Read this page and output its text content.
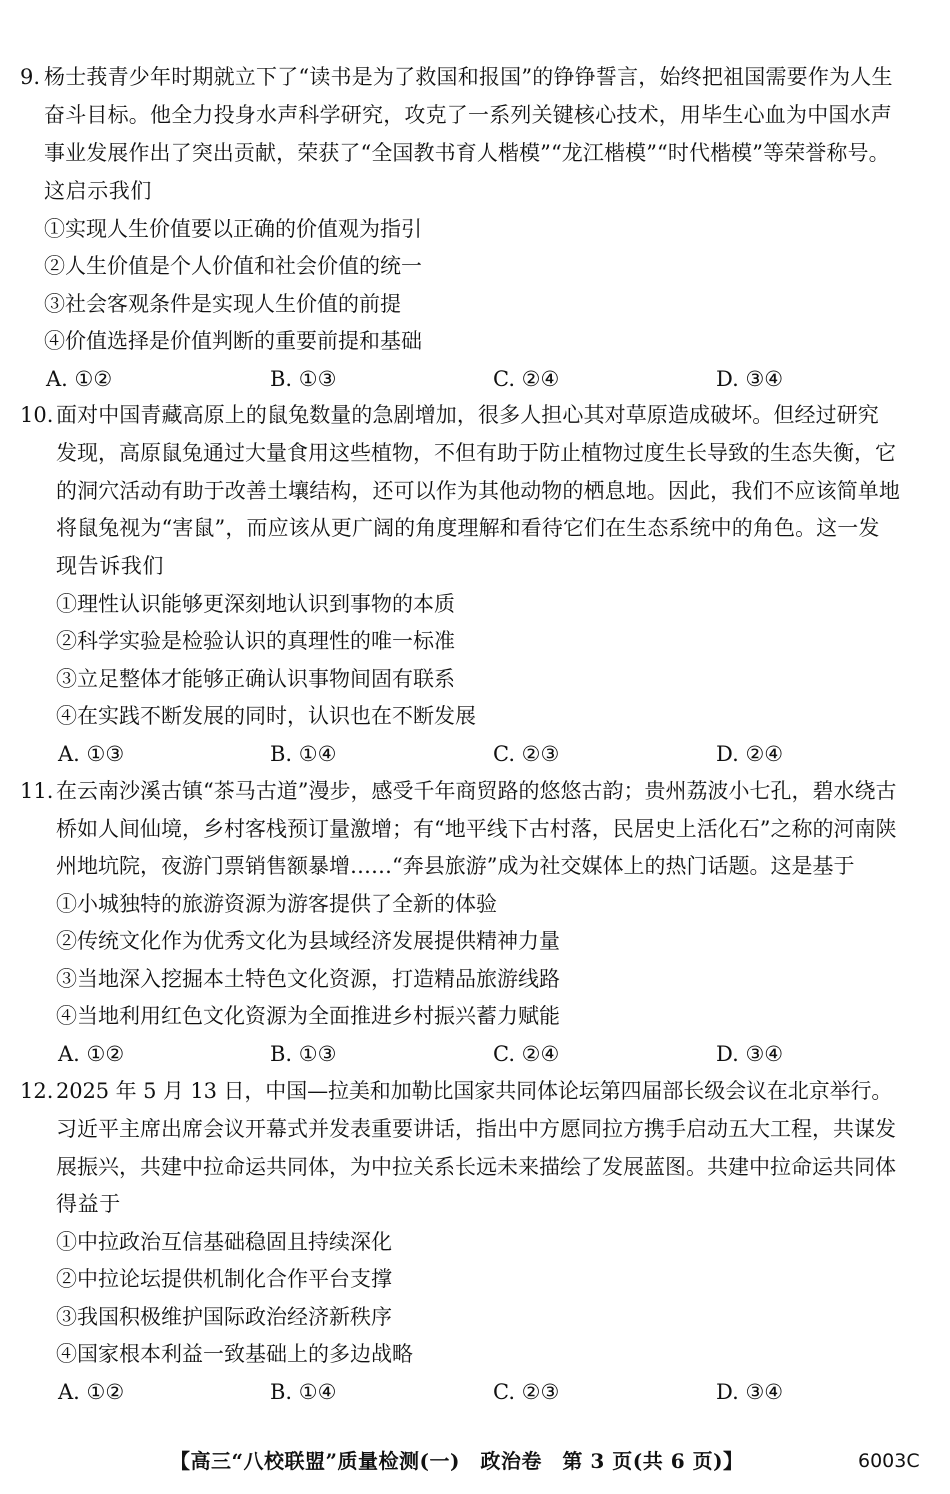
9. 杨士莪青少年时期就立下了“读书是为了救国和报国”的铮铮誓言，始终把祖国需要作为人生
奋斗目标。他全力投身水声科学研究，攻克了一系列关键核心技术，用毕生心血为中国水声
事业发展作出了突出贡献，荣获了“全国教书育人楷模”“龙江楷模”“时代楷模”等荣誉称号。
这启示我们
①实现人生价值要以正确的价值观为指引
②人生价值是个人价值和社会价值的统一
③社会客观条件是实现人生价值的前提
④价值选择是价值判断的重要前提和基础
A. ①②	B. ①③	C. ②④	D. ③④
10. 面对中国青藏高原上的鼠兔数量的急剧增加，很多人担心其对草原造成破坏。但经过研究
发现，高原鼠兔通过大量食用这些植物，不但有助于防止植物过度生长导致的生态失衡，它
的洞穴活动有助于改善土壤结构，还可以作为其他动物的栖息地。因此，我们不应该简单地
将鼠兔视为“害鼠”，而应该从更广阔的角度理解和看待它们在生态系统中的角色。这一发
现告诉我们
①理性认识能够更深刻地认识到事物的本质
②科学实验是检验认识的真理性的唯一标准
③立足整体才能够正确认识事物间固有联系
④在实践不断发展的同时，认识也在不断发展
A. ①③	B. ①④	C. ②③	D. ②④
11. 在云南沙溪古镇“茶马古道”漫步，感受千年商贸路的悠悠古韵；贵州荔波小七孔，碧水绕古
桥如人间仙境，乡村客栈预订量激增；有“地平线下古村落，民居史上活化石”之称的河南陕
州地坑院，夜游门票销售额暴增……“奔县旅游”成为社交媒体上的热门话题。这是基于
①小城独特的旅游资源为游客提供了全新的体验
②传统文化作为优秀文化为县域经济发展提供精神力量
③当地深入挖掘本土特色文化资源，打造精品旅游线路
④当地利用红色文化资源为全面推进乡村振兴蓄力赋能
A. ①②	B. ①③	C. ②④	D. ③④
12. 2025 年 5 月 13 日，中国—拉美和加勒比国家共同体论坛第四届部长级会议在北京举行。
习近平主席出席会议开幕式并发表重要讲话，指出中方愿同拉方携手启动五大工程，共谋发
展振兴，共建中拉命运共同体，为中拉关系长远未来描绘了发展蓝图。共建中拉命运共同体
得益于
①中拉政治互信基础稳固且持续深化
②中拉论坛提供机制化合作平台支撑
③我国积极维护国际政治经济新秩序
④国家根本利益一致基础上的多边战略
A. ①②	B. ①④	C. ②③	D. ③④
【高三“八校联盟”质量检测(一)　政治卷　第 3 页(共 6 页)】	6003C
